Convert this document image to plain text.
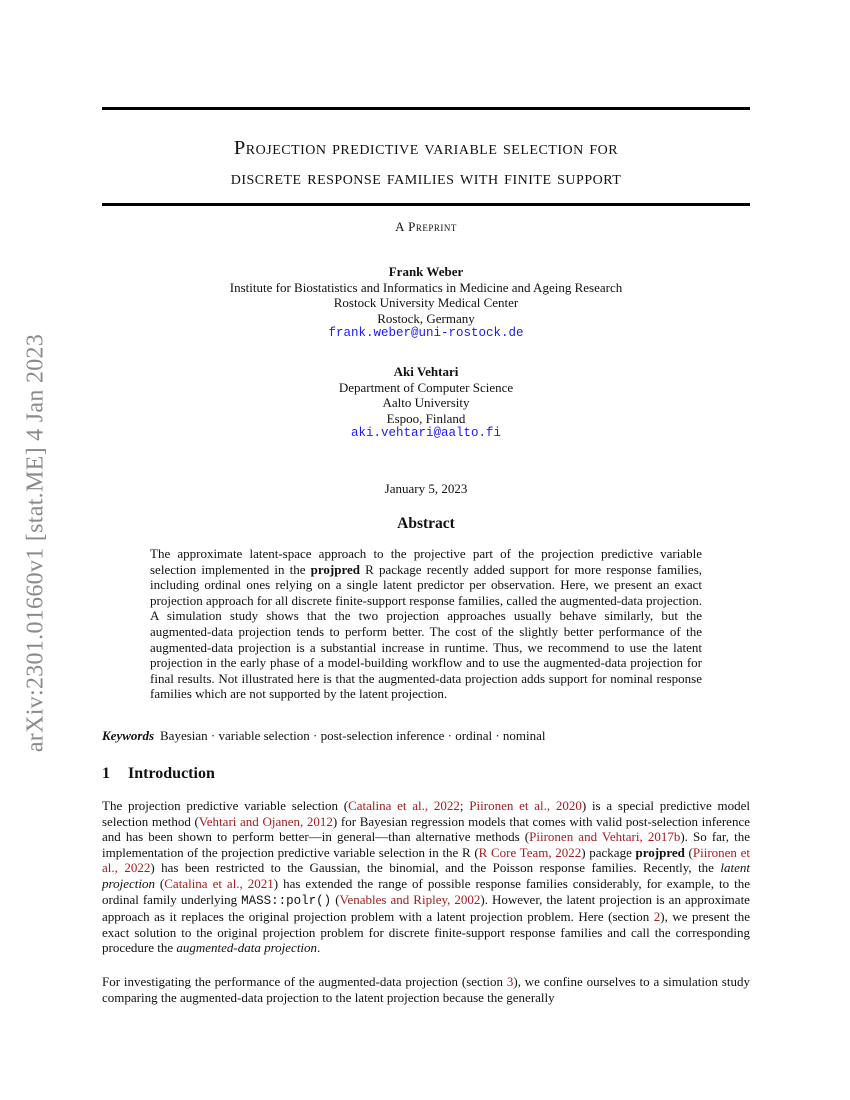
arXiv:2301.01660v1 [stat.ME] 4 Jan 2023
Projection predictive variable selection for
discrete response families with finite support
A Preprint
Frank Weber
Institute for Biostatistics and Informatics in Medicine and Ageing Research
Rostock University Medical Center
Rostock, Germany
frank.weber@uni-rostock.de
Aki Vehtari
Department of Computer Science
Aalto University
Espoo, Finland
aki.vehtari@aalto.fi
January 5, 2023
Abstract
The approximate latent-space approach to the projective part of the projection predictive variable selection implemented in the projpred R package recently added support for more response families, including ordinal ones relying on a single latent predictor per observation. Here, we present an exact projection approach for all discrete finite-support response families, called the augmented-data projection. A simulation study shows that the two projection approaches usually behave similarly, but the augmented-data projection tends to perform better. The cost of the slightly better performance of the augmented-data projection is a substantial increase in runtime. Thus, we recommend to use the latent projection in the early phase of a model-building workflow and to use the augmented-data projection for final results. Not illustrated here is that the augmented-data projection adds support for nominal response families which are not supported by the latent projection.
Keywords Bayesian · variable selection · post-selection inference · ordinal · nominal
1 Introduction
The projection predictive variable selection (Catalina et al., 2022; Piironen et al., 2020) is a special predictive model selection method (Vehtari and Ojanen, 2012) for Bayesian regression models that comes with valid post-selection inference and has been shown to perform better—in general—than alternative methods (Piironen and Vehtari, 2017b). So far, the implementation of the projection predictive variable selection in the R (R Core Team, 2022) package projpred (Piironen et al., 2022) has been restricted to the Gaussian, the binomial, and the Poisson response families. Recently, the latent projection (Catalina et al., 2021) has extended the range of possible response families considerably, for example, to the ordinal family underlying MASS::polr() (Venables and Ripley, 2002). However, the latent projection is an approximate approach as it replaces the original projection problem with a latent projection problem. Here (section 2), we present the exact solution to the original projection problem for discrete finite-support response families and call the corresponding procedure the augmented-data projection.
For investigating the performance of the augmented-data projection (section 3), we confine ourselves to a simulation study comparing the augmented-data projection to the latent projection because the generally
